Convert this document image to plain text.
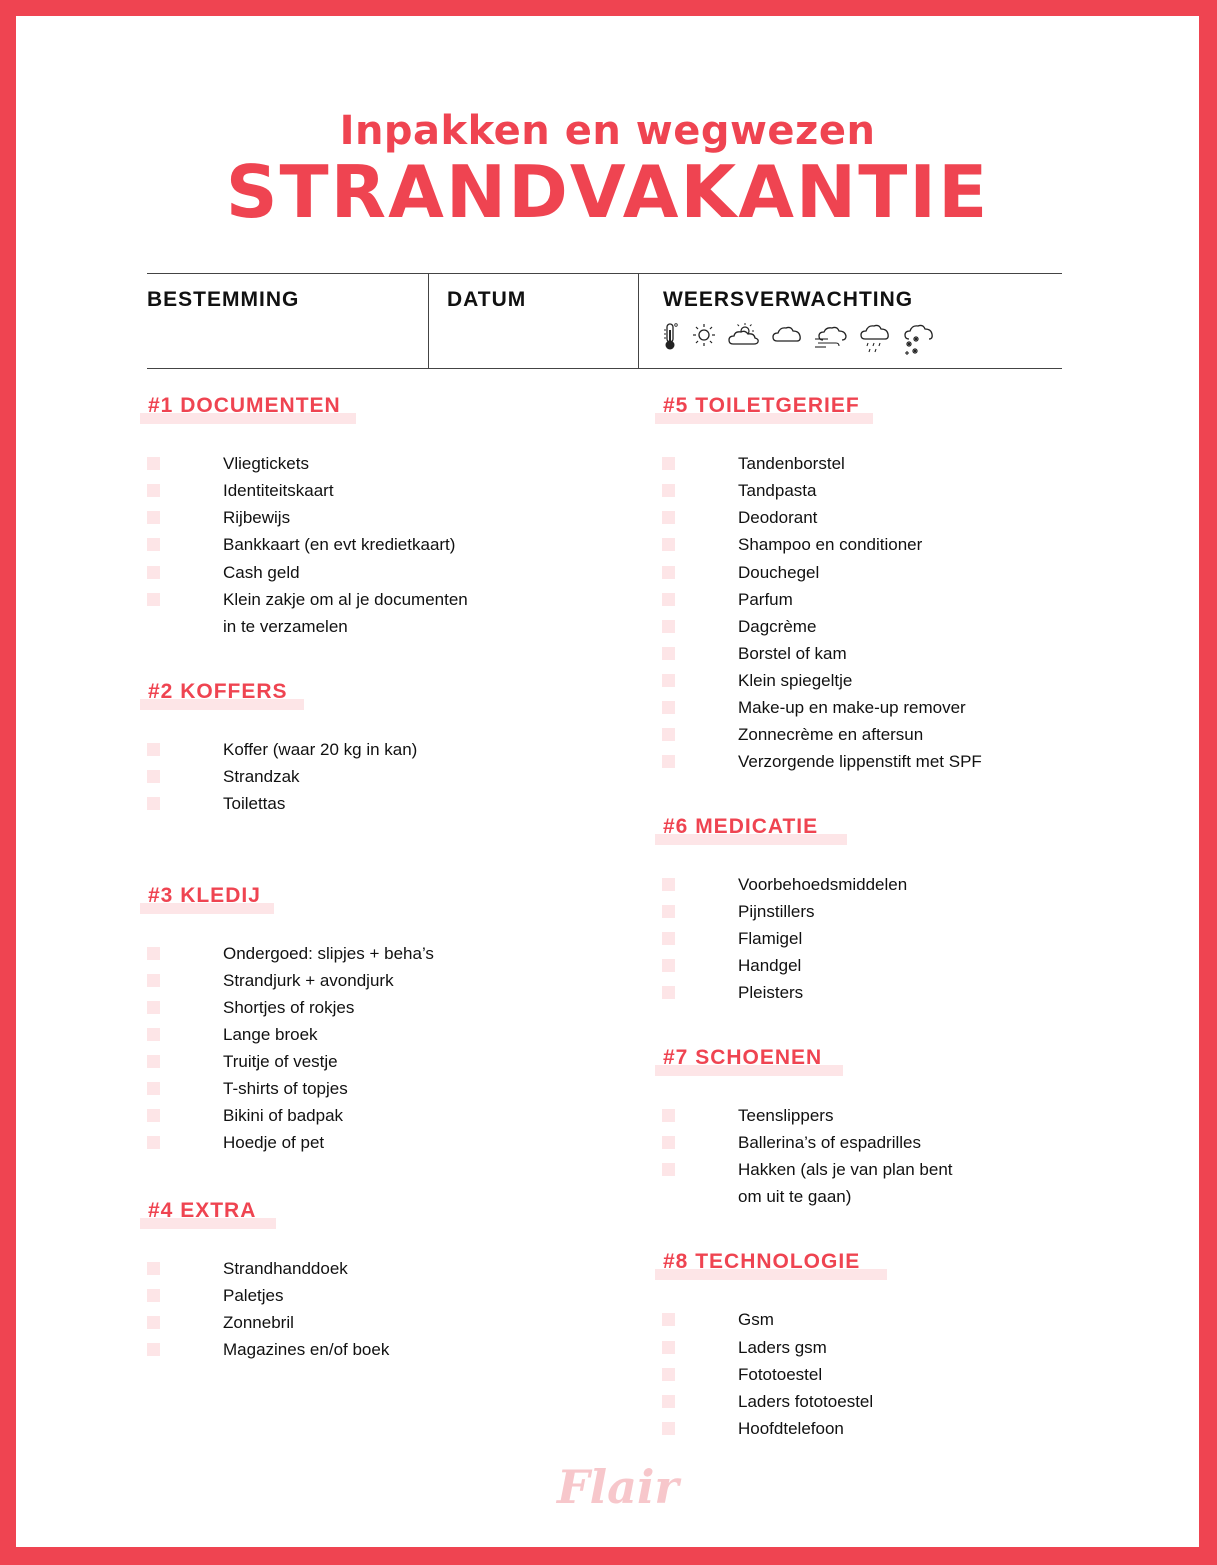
Inpakken en wegwezen
STRANDVAKANTIE
BESTEMMING	DATUM	WEERSVERWACHTING
#1 DOCUMENTEN
Vliegtickets
Identiteitskaart
Rijbewijs
Bankkaart (en evt kredietkaart)
Cash geld
Klein zakje om al je documenten
in te verzamelen
#2 KOFFERS
Koffer (waar 20 kg in kan)
Strandzak
Toilettas
#3 KLEDIJ
Ondergoed: slipjes + beha’s
Strandjurk + avondjurk
Shortjes of rokjes
Lange broek
Truitje of vestje
T-shirts of topjes
Bikini of badpak
Hoedje of pet
#4 EXTRA
Strandhanddoek
Paletjes
Zonnebril
Magazines en/of boek
#5 TOILETGERIEF
Tandenborstel
Tandpasta
Deodorant
Shampoo en conditioner
Douchegel
Parfum
Dagcrème
Borstel of kam
Klein spiegeltje
Make-up en make-up remover
Zonnecrème en aftersun
Verzorgende lippenstift met SPF
#6 MEDICATIE
Voorbehoedsmiddelen
Pijnstillers
Flamigel
Handgel
Pleisters
#7 SCHOENEN
Teenslippers
Ballerina’s of espadrilles
Hakken (als je van plan bent
om uit te gaan)
#8 TECHNOLOGIE
Gsm
Laders gsm
Fototoestel
Laders fototoestel
Hoofdtelefoon
Flair
